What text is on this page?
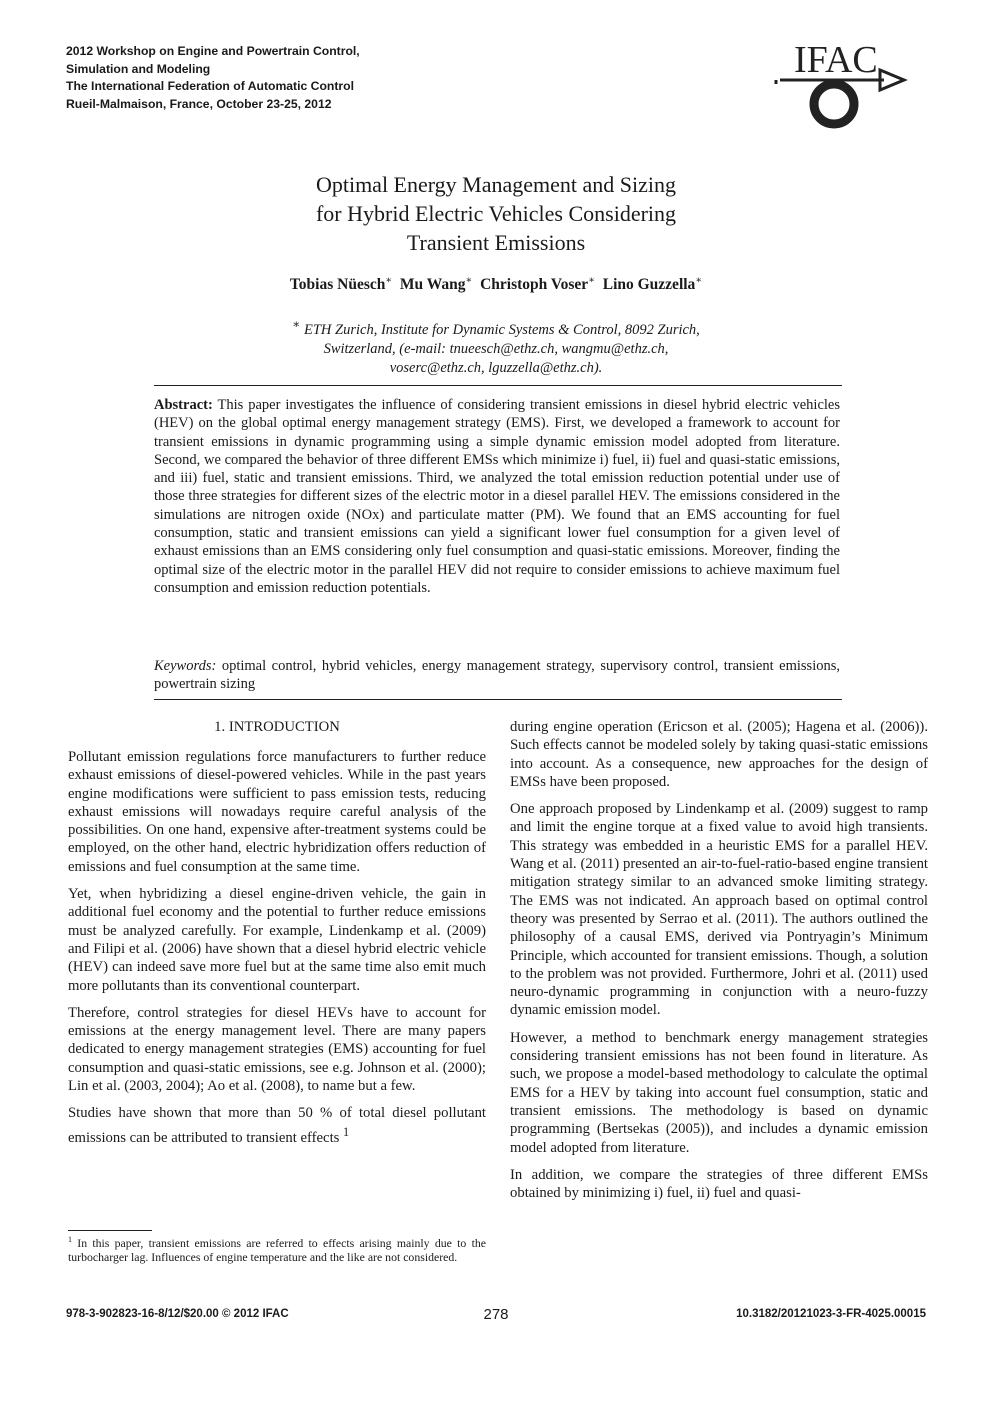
2012 Workshop on Engine and Powertrain Control,
Simulation and Modeling
The International Federation of Automatic Control
Rueil-Malmaison, France, October 23-25, 2012
IFAC
Optimal Energy Management and Sizing
for Hybrid Electric Vehicles Considering
Transient Emissions
Tobias Nüesch∗ Mu Wang∗ Christoph Voser∗ Lino Guzzella∗
∗ ETH Zurich, Institute for Dynamic Systems & Control, 8092 Zurich,
Switzerland, (e-mail: tnueesch@ethz.ch, wangmu@ethz.ch,
voserc@ethz.ch, lguzzella@ethz.ch).
Abstract: This paper investigates the influence of considering transient emissions in diesel hybrid electric vehicles (HEV) on the global optimal energy management strategy (EMS). First, we developed a framework to account for transient emissions in dynamic programming using a simple dynamic emission model adopted from literature. Second, we compared the behavior of three different EMSs which minimize i) fuel, ii) fuel and quasi-static emissions, and iii) fuel, static and transient emissions. Third, we analyzed the total emission reduction potential under use of those three strategies for different sizes of the electric motor in a diesel parallel HEV. The emissions considered in the simulations are nitrogen oxide (NOx) and particulate matter (PM). We found that an EMS accounting for fuel consumption, static and transient emissions can yield a significant lower fuel consumption for a given level of exhaust emissions than an EMS considering only fuel consumption and quasi-static emissions. Moreover, finding the optimal size of the electric motor in the parallel HEV did not require to consider emissions to achieve maximum fuel consumption and emission reduction potentials.
Keywords: optimal control, hybrid vehicles, energy management strategy, supervisory control, transient emissions, powertrain sizing
1. INTRODUCTION

Pollutant emission regulations force manufacturers to further reduce exhaust emissions of diesel-powered vehicles. While in the past years engine modifications were sufficient to pass emission tests, reducing exhaust emissions will nowadays require careful analysis of the possibilities. On one hand, expensive after-treatment systems could be employed, on the other hand, electric hybridization offers reduction of emissions and fuel consumption at the same time.

Yet, when hybridizing a diesel engine-driven vehicle, the gain in additional fuel economy and the potential to further reduce emissions must be analyzed carefully. For example, Lindenkamp et al. (2009) and Filipi et al. (2006) have shown that a diesel hybrid electric vehicle (HEV) can indeed save more fuel but at the same time also emit much more pollutants than its conventional counterpart.

Therefore, control strategies for diesel HEVs have to account for emissions at the energy management level. There are many papers dedicated to energy management strategies (EMS) accounting for fuel consumption and quasi-static emissions, see e.g. Johnson et al. (2000); Lin et al. (2003, 2004); Ao et al. (2008), to name but a few.

Studies have shown that more than 50 % of total diesel pollutant emissions can be attributed to transient effects $^1$

during engine operation (Ericson et al. (2005); Hagena et al. (2006)). Such effects cannot be modeled solely by taking quasi-static emissions into account. As a consequence, new approaches for the design of EMSs have been proposed.

One approach proposed by Lindenkamp et al. (2009) suggest to ramp and limit the engine torque at a fixed value to avoid high transients. This strategy was embedded in a heuristic EMS for a parallel HEV. Wang et al. (2011) presented an air-to-fuel-ratio-based engine transient mitigation strategy similar to an advanced smoke limiting strategy. The EMS was not indicated. An approach based on optimal control theory was presented by Serrao et al. (2011). The authors outlined the philosophy of a causal EMS, derived via Pontryagin’s Minimum Principle, which accounted for transient emissions. Though, a solution to the problem was not provided. Furthermore, Johri et al. (2011) used neuro-dynamic programming in conjunction with a neuro-fuzzy dynamic emission model.

However, a method to benchmark energy management strategies considering transient emissions has not been found in literature. As such, we propose a model-based methodology to calculate the optimal EMS for a HEV by taking into account fuel consumption, static and transient emissions. The methodology is based on dynamic programming (Bertsekas (2005)), and includes a dynamic emission model adopted from literature.

In addition, we compare the strategies of three different EMSs obtained by minimizing i) fuel, ii) fuel and quasi-

$^1$ In this paper, transient emissions are referred to effects arising mainly due to the turbocharger lag. Influences of engine temperature and the like are not considered.
978-3-902823-16-8/12/$20.00 © 2012 IFAC	278	10.3182/20121023-3-FR-4025.00015
